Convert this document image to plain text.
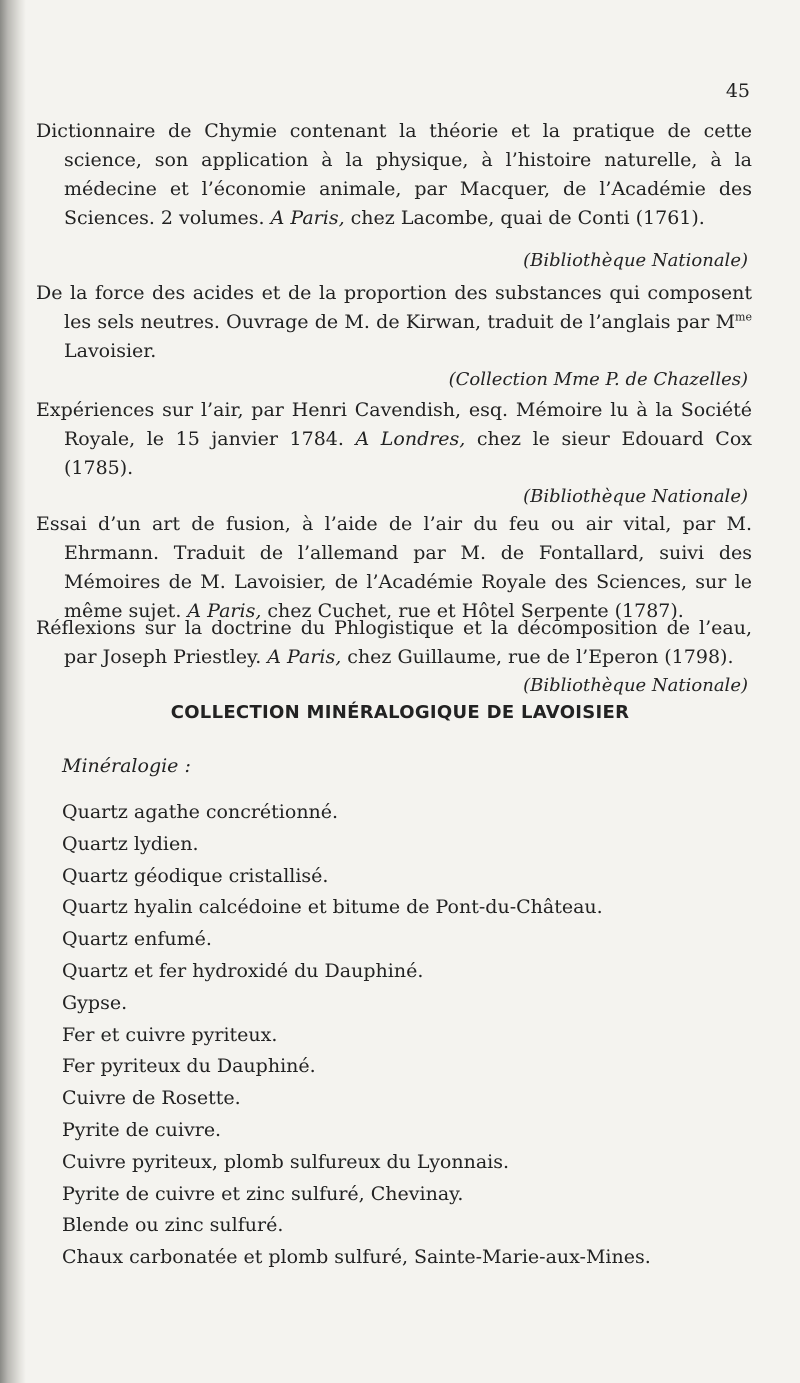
45
Dictionnaire de Chymie contenant la théorie et la pratique de cette science, son application à la physique, à l’histoire naturelle, à la médecine et l’économie animale, par Macquer, de l’Académie des Sciences. 2 volumes. A Paris, chez Lacombe, quai de Conti (1761).
(Bibliothèque Nationale)
De la force des acides et de la proportion des substances qui composent les sels neutres. Ouvrage de M. de Kirwan, traduit de l’anglais par $M^{me}$ Lavoisier.
(Collection Mme P. de Chazelles)
Expériences sur l’air, par Henri Cavendish, esq. Mémoire lu à la Société Royale, le 15 janvier 1784. A Londres, chez le sieur Edouard Cox (1785).
(Bibliothèque Nationale)
Essai d’un art de fusion, à l’aide de l’air du feu ou air vital, par M. Ehrmann. Traduit de l’allemand par M. de Fontallard, suivi des Mémoires de M. Lavoisier, de l’Académie Royale des Sciences, sur le même sujet. A Paris, chez Cuchet, rue et Hôtel Serpente (1787).
Réflexions sur la doctrine du Phlogistique et la décomposition de l’eau, par Joseph Priestley. A Paris, chez Guillaume, rue de l’Eperon (1798).
(Bibliothèque Nationale)
COLLECTION MINÉRALOGIQUE DE LAVOISIER
Minéralogie :
Quartz agathe concrétionné.
Quartz lydien.
Quartz géodique cristallisé.
Quartz hyalin calcédoine et bitume de Pont-du-Château.
Quartz enfumé.
Quartz et fer hydroxidé du Dauphiné.
Gypse.
Fer et cuivre pyriteux.
Fer pyriteux du Dauphiné.
Cuivre de Rosette.
Pyrite de cuivre.
Cuivre pyriteux, plomb sulfureux du Lyonnais.
Pyrite de cuivre et zinc sulfuré, Chevinay.
Blende ou zinc sulfuré.
Chaux carbonatée et plomb sulfuré, Sainte-Marie-aux-Mines.
